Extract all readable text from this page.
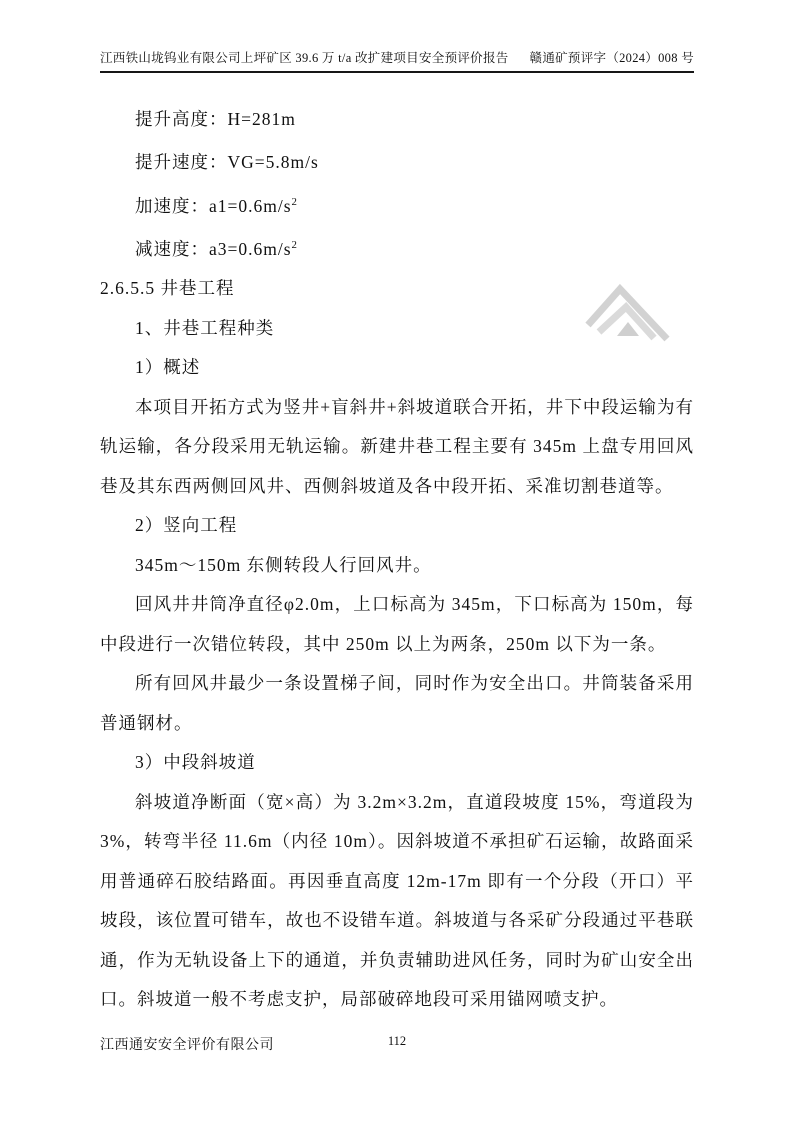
江西铁山垅钨业有限公司上坪矿区 39.6 万 t/a 改扩建项目安全预评价报告 赣通矿预评字（2024）008 号

提升高度：H=281m

提升速度：VG=5.8m/s

加速度：$a1=0.6m/s^2$

减速度：$a3=0.6m/s^2$

2.6.5.5 井巷工程
1、井巷工程种类

1）概述

本项目开拓方式为竖井+盲斜井+斜坡道联合开拓，井下中段运输为有轨运输，各分段采用无轨运输。新建井巷工程主要有 345m 上盘专用回风巷及其东西两侧回风井、西侧斜坡道及各中段开拓、采准切割巷道等。

2）竖向工程

345m～150m 东侧转段人行回风井。

回风井井筒净直径φ2.0m，上口标高为 345m，下口标高为 150m，每中段进行一次错位转段，其中 250m 以上为两条，250m 以下为一条。

所有回风井最少一条设置梯子间，同时作为安全出口。井筒装备采用普通钢材。

3）中段斜坡道

斜坡道净断面（宽×高）为 3.2m×3.2m，直道段坡度 15%，弯道段为 3%，转弯半径 11.6m（内径 10m）。因斜坡道不承担矿石运输，故路面采用普通碎石胶结路面。再因垂直高度 12m-17m 即有一个分段（开口）平坡段，该位置可错车，故也不设错车道。斜坡道与各采矿分段通过平巷联通，作为无轨设备上下的通道，并负责辅助进风任务，同时为矿山安全出口。斜坡道一般不考虑支护，局部破碎地段可采用锚网喷支护。

江西通安安全评价有限公司	112
